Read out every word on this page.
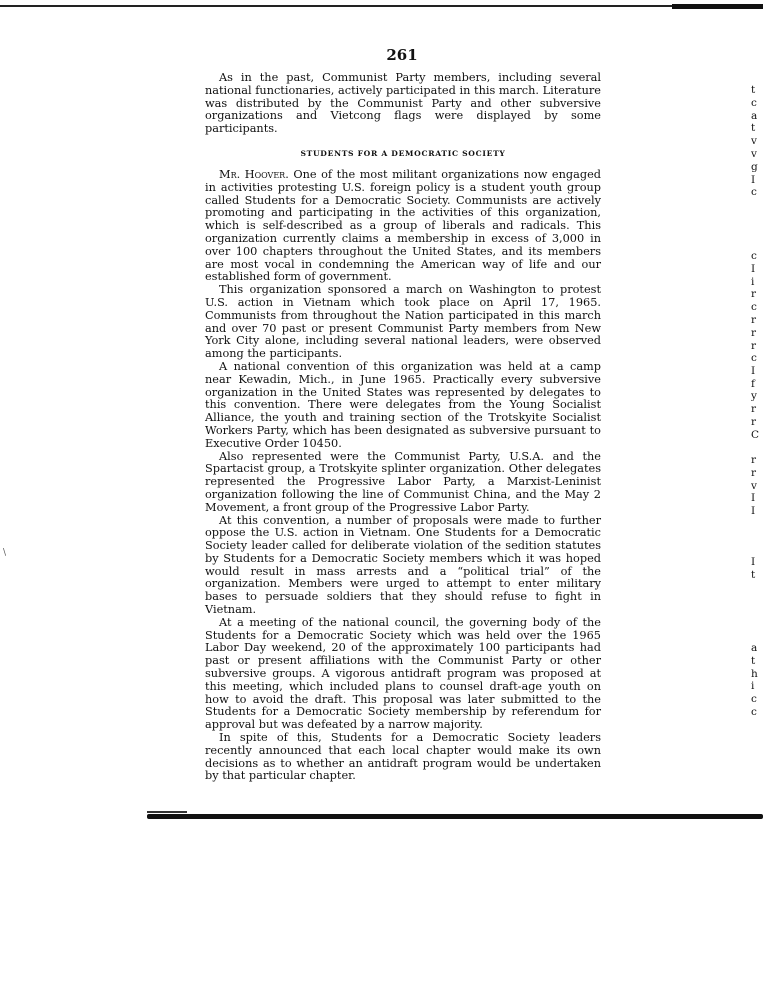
261

As in the past, Communist Party members, including several national functionaries, actively participated in this march. Literature was distributed by the Communist Party and other subversive organizations and Vietcong flags were displayed by some participants.

STUDENTS FOR A DEMOCRATIC SOCIETY

Mr. Hoover. One of the most militant organizations now engaged in activities protesting U.S. foreign policy is a student youth group called Students for a Democratic Society. Communists are actively promoting and participating in the activities of this organization, which is self-described as a group of liberals and radicals. This organization currently claims a membership in excess of 3,000 in over 100 chapters throughout the United States, and its members are most vocal in condemning the American way of life and our established form of government.

This organization sponsored a march on Washington to protest U.S. action in Vietnam which took place on April 17, 1965. Communists from throughout the Nation participated in this march and over 70 past or present Communist Party members from New York City alone, including several national leaders, were observed among the participants.

A national convention of this organization was held at a camp near Kewadin, Mich., in June 1965. Practically every subversive organization in the United States was represented by delegates to this convention. There were delegates from the Young Socialist Alliance, the youth and training section of the Trotskyite Socialist Workers Party, which has been designated as subversive pursuant to Executive Order 10450.

Also represented were the Communist Party, U.S.A. and the Spartacist group, a Trotskyite splinter organization. Other delegates represented the Progressive Labor Party, a Marxist-Leninist organization following the line of Communist China, and the May 2 Movement, a front group of the Progressive Labor Party.

At this convention, a number of proposals were made to further oppose the U.S. action in Vietnam. One Students for a Democratic Society leader called for deliberate violation of the sedition statutes by Students for a Democratic Society members which it was hoped would result in mass arrests and a “political trial” of the organization. Members were urged to attempt to enter military bases to persuade soldiers that they should refuse to fight in Vietnam.

At a meeting of the national council, the governing body of the Students for a Democratic Society which was held over the 1965 Labor Day weekend, 20 of the approximately 100 participants had past or present affiliations with the Communist Party or other subversive groups. A vigorous antidraft program was proposed at this meeting, which included plans to counsel draft-age youth on how to avoid the draft. This proposal was later submitted to the Students for a Democratic Society membership by referendum for approval but was defeated by a narrow majority.

In spite of this, Students for a Democratic Society leaders recently announced that each local chapter would make its own decisions as to whether an antidraft program would be undertaken by that particular chapter.

t
c
a
t
v
v
g
I
c
c
I
i
r
c
r
r
r
c
I
f
y
r
r
C
r
r
v
I
I
I
t
a
t
h
i
c
c
\
